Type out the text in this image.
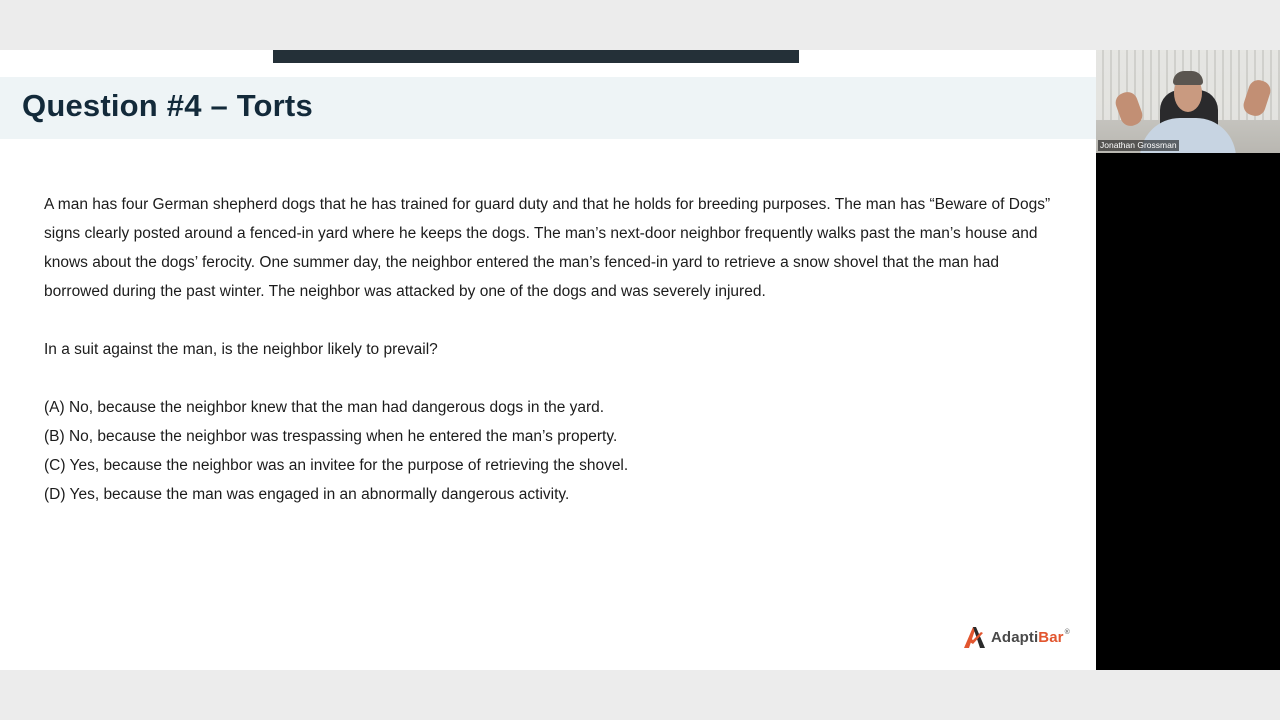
Question #4 – Torts

A man has four German shepherd dogs that he has trained for guard duty and that he holds for breeding purposes. The man has “Beware of Dogs” signs clearly posted around a fenced-in yard where he keeps the dogs. The man’s next-door neighbor frequently walks past the man’s house and knows about the dogs’ ferocity. One summer day, the neighbor entered the man’s fenced-in yard to retrieve a snow shovel that the man had borrowed during the past winter. The neighbor was attacked by one of the dogs and was severely injured.

In a suit against the man, is the neighbor likely to prevail?

(A) No, because the neighbor knew that the man had dangerous dogs in the yard.
(B) No, because the neighbor was trespassing when he entered the man’s property.
(C) Yes, because the neighbor was an invitee for the purpose of retrieving the shovel.
(D) Yes, because the man was engaged in an abnormally dangerous activity.
AdaptiBar®
Jonathan Grossman
